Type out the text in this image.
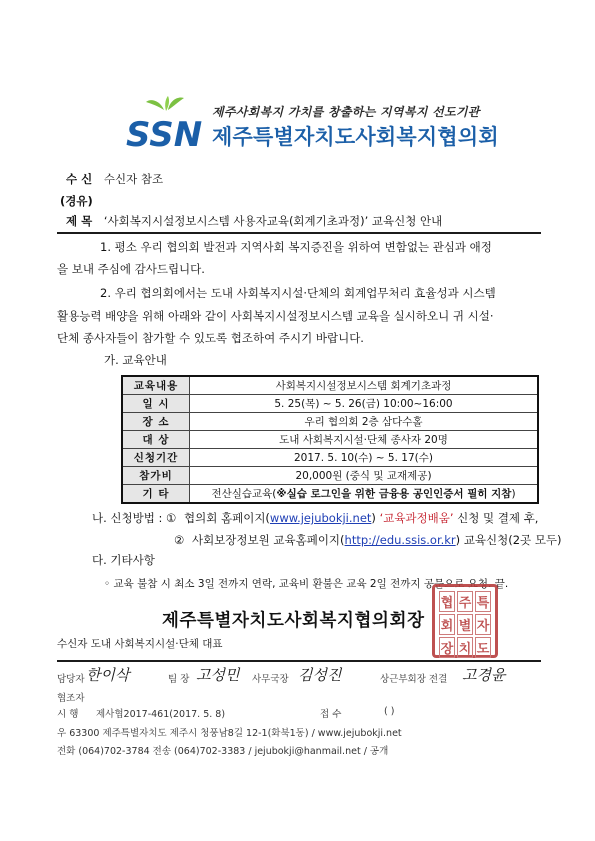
SSN
제주사회복지 가치를 창출하는 지역복지 선도기관
제주특별자치도사회복지협의회
수 신 수신자 참조
(경유)
제 목 ‘사회복지시설정보시스템 사용자교육(회계기초과정)’ 교육신청 안내
1. 평소 우리 협의회 발전과 지역사회 복지증진을 위하여 변함없는 관심과 애정
을 보내 주심에 감사드립니다.
2. 우리 협의회에서는 도내 사회복지시설·단체의 회계업무처리 효율성과 시스템
활용능력 배양을 위해 아래와 같이 사회복지시설정보시스템 교육을 실시하오니 귀 시설·
단체 종사자들이 참가할 수 있도록 협조하여 주시기 바랍니다.
가. 교육안내
교육내용	사회복지시설정보시스템 회계기초과정
일 시	5. 25(목) ~ 5. 26(금) 10:00~16:00
장 소	우리 협의회 2층 삼다수홀
대 상	도내 사회복지시설·단체 종사자 20명
신청기간	2017. 5. 10(수) ~ 5. 17(수)
참가비	20,000원 (중식 및 교재제공)
기 타	전산실습교육(※실습 로그인을 위한 금융용 공인인증서 필히 지참)
나. 신청방법 : ① 협의회 홈페이지(www.jejubokji.net) ‘교육과정배움’ 신청 및 결제 후,
② 사회보장정보원 교육홈페이지(http://edu.ssis.or.kr) 교육신청(2곳 모두)
다. 기타사항
◦ 교육 불참 시 최소 3일 전까지 연락, 교육비 환불은 교육 2일 전까지 공문으로 요청. 끝.
제주특별자치도사회복지협의회장
협 주 특
회 별 자
장 치 도
수신자 도내 사회복지시설·단체 대표
담당자 한이삭	팀 장 고성민 사무국장 김성진	상근부회장 전결 고경윤
협조자
시 행 제사협2017-461(2017. 5. 8)	접 수	( )
우 63300 제주특별자치도 제주시 청풍남8길 12-1(화북1동) / www.jejubokji.net
전화 (064)702-3784 전송 (064)702-3383 / jejubokji@hanmail.net / 공개
